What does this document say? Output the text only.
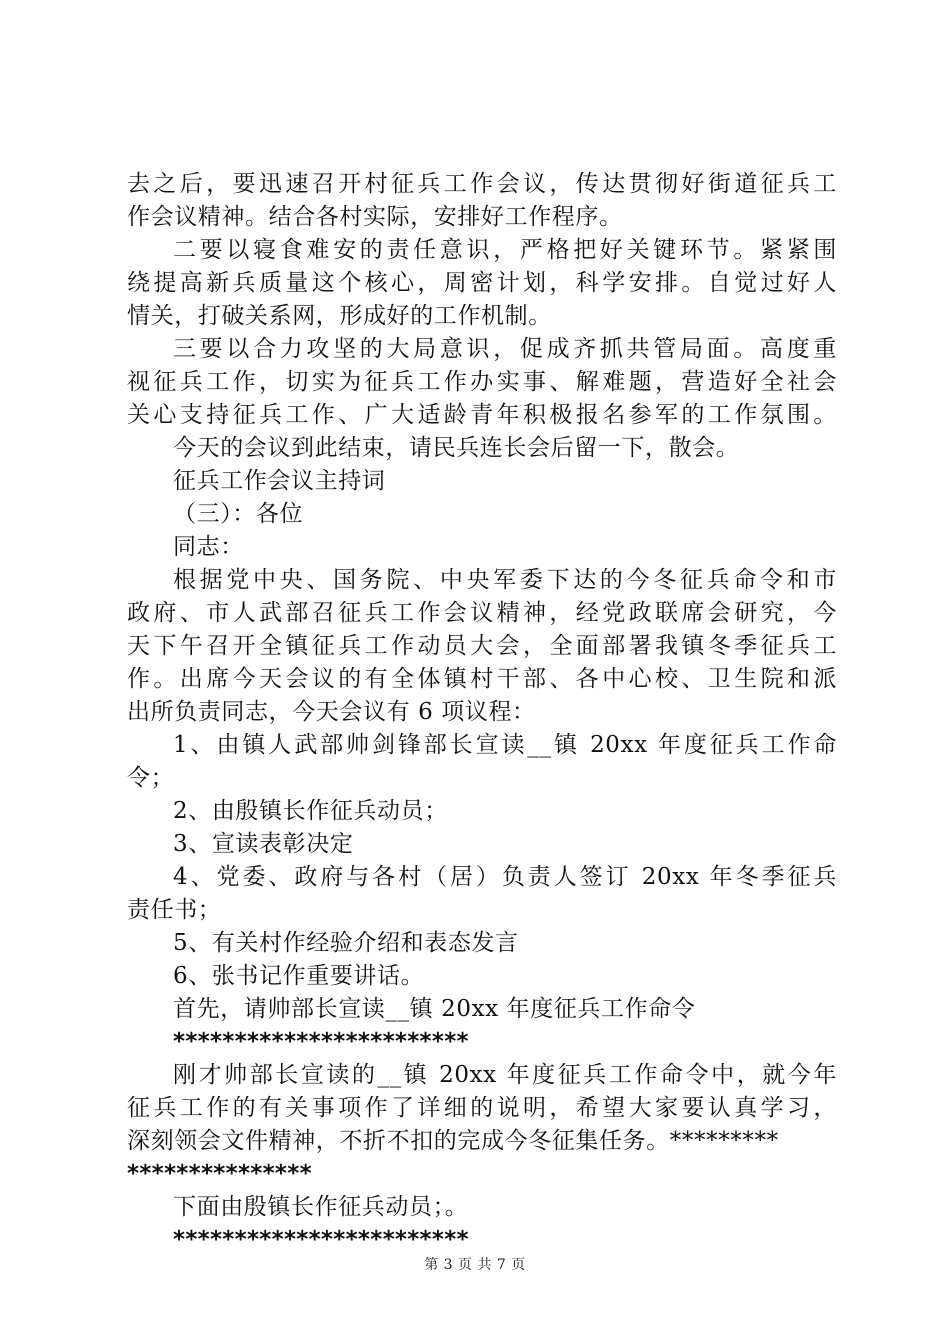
去之后，要迅速召开村征兵工作会议，传达贯彻好街道征兵工
作会议精神。结合各村实际，安排好工作程序。
二要以寝食难安的责任意识，严格把好关键环节。紧紧围
绕提高新兵质量这个核心，周密计划，科学安排。自觉过好人
情关，打破关系网，形成好的工作机制。
三要以合力攻坚的大局意识，促成齐抓共管局面。高度重
视征兵工作，切实为征兵工作办实事、解难题，营造好全社会
关心支持征兵工作、广大适龄青年积极报名参军的工作氛围。
今天的会议到此结束，请民兵连长会后留一下，散会。
征兵工作会议主持词
（三）：各位
同志：
根据党中央、国务院、中央军委下达的今冬征兵命令和市
政府、市人武部召征兵工作会议精神，经党政联席会研究，今
天下午召开全镇征兵工作动员大会，全面部署我镇冬季征兵工
作。出席今天会议的有全体镇村干部、各中心校、卫生院和派
出所负责同志，今天会议有 6 项议程：
1、由镇人武部帅剑锋部长宣读__镇 20xx 年度征兵工作命
令；
2、由殷镇长作征兵动员；
3、宣读表彰决定
4、党委、政府与各村（居）负责人签订 20xx 年冬季征兵
责任书；
5、有关村作经验介绍和表态发言
6、张书记作重要讲话。
首先，请帅部长宣读__镇 20xx 年度征兵工作命令
************************
刚才帅部长宣读的__镇 20xx 年度征兵工作命令中，就今年
征兵工作的有关事项作了详细的说明，希望大家要认真学习，
深刻领会文件精神，不折不扣的完成今冬征集任务。*********
***************
下面由殷镇长作征兵动员；。
************************
第 3 页 共 7 页
